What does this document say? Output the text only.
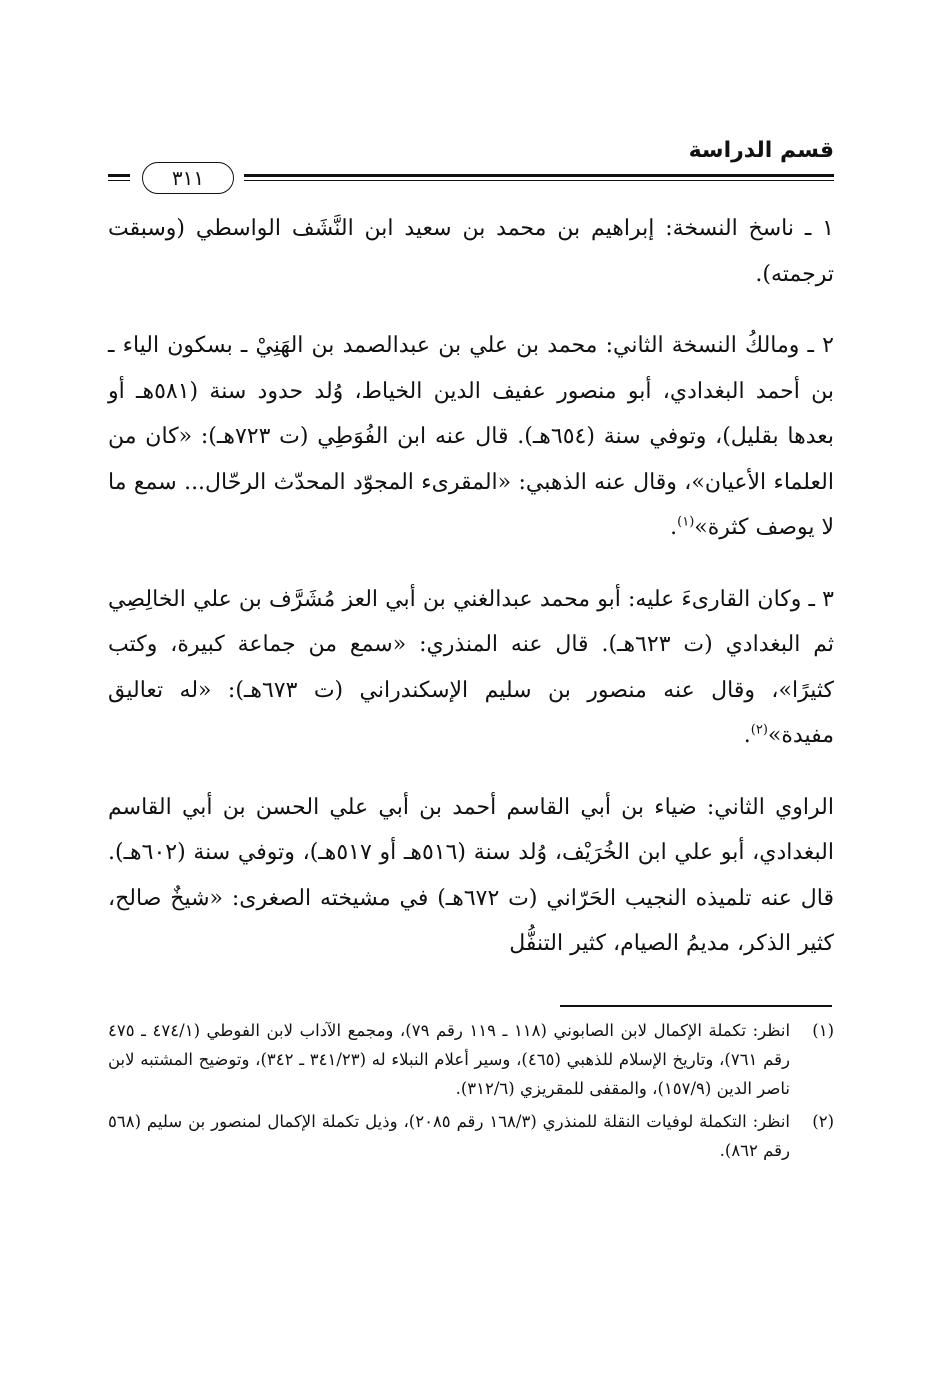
قسم الدراسة
٣١١

١ ـ ناسخ النسخة: إبراهيم بن محمد بن سعيد ابن النَّشَف الواسطي (وسبقت ترجمته).

٢ ـ ومالكُ النسخة الثاني: محمد بن علي بن عبدالصمد بن الهَنِيْ ـ بسكون الياء ـ بن أحمد البغدادي، أبو منصور عفيف الدين الخياط، وُلد حدود سنة (٥٨١هـ أو بعدها بقليل)، وتوفي سنة (٦٥٤هـ). قال عنه ابن الفُوَطِي (ت ٧٢٣هـ): «كان من العلماء الأعيان»، وقال عنه الذهبي: «المقرىء المجوّد المحدّث الرحّال... سمع ما لا يوصف كثرة»$^{(١)}$.

٣ ـ وكان القارىءَ عليه: أبو محمد عبدالغني بن أبي العز مُشَرَّف بن علي الخالِصِي ثم البغدادي (ت ٦٢٣هـ). قال عنه المنذري: «سمع من جماعة كبيرة، وكتب كثيرًا»، وقال عنه منصور بن سليم الإسكندراني (ت ٦٧٣هـ): «له تعاليق مفيدة»$^{(٢)}$.

الراوي الثاني: ضياء بن أبي القاسم أحمد بن أبي علي الحسن بن أبي القاسم البغدادي، أبو علي ابن الخُرَيْف، وُلد سنة (٥١٦هـ أو ٥١٧هـ)، وتوفي سنة (٦٠٢هـ). قال عنه تلميذه النجيب الحَرّاني (ت ٦٧٢هـ) في مشيخته الصغرى: «شيخٌ صالح، كثير الذكر، مديمُ الصيام، كثير التنفُّل

(١)
انظر: تكملة الإكمال لابن الصابوني (١١٨ ـ ١١٩ رقم ٧٩)، ومجمع الآداب لابن الفوطي (٤٧٤/١ ـ ٤٧٥ رقم ٧٦١)، وتاريخ الإسلام للذهبي (٤٦٥)، وسير أعلام النبلاء له (٣٤١/٢٣ ـ ٣٤٢)، وتوضيح المشتبه لابن ناصر الدين (١٥٧/٩)، والمقفى للمقريزي (٣١٢/٦).
(٢)
انظر: التكملة لوفيات النقلة للمنذري (١٦٨/٣ رقم ٢٠٨٥)، وذيل تكملة الإكمال لمنصور بن سليم (٥٦٨ رقم ٨٦٢).
